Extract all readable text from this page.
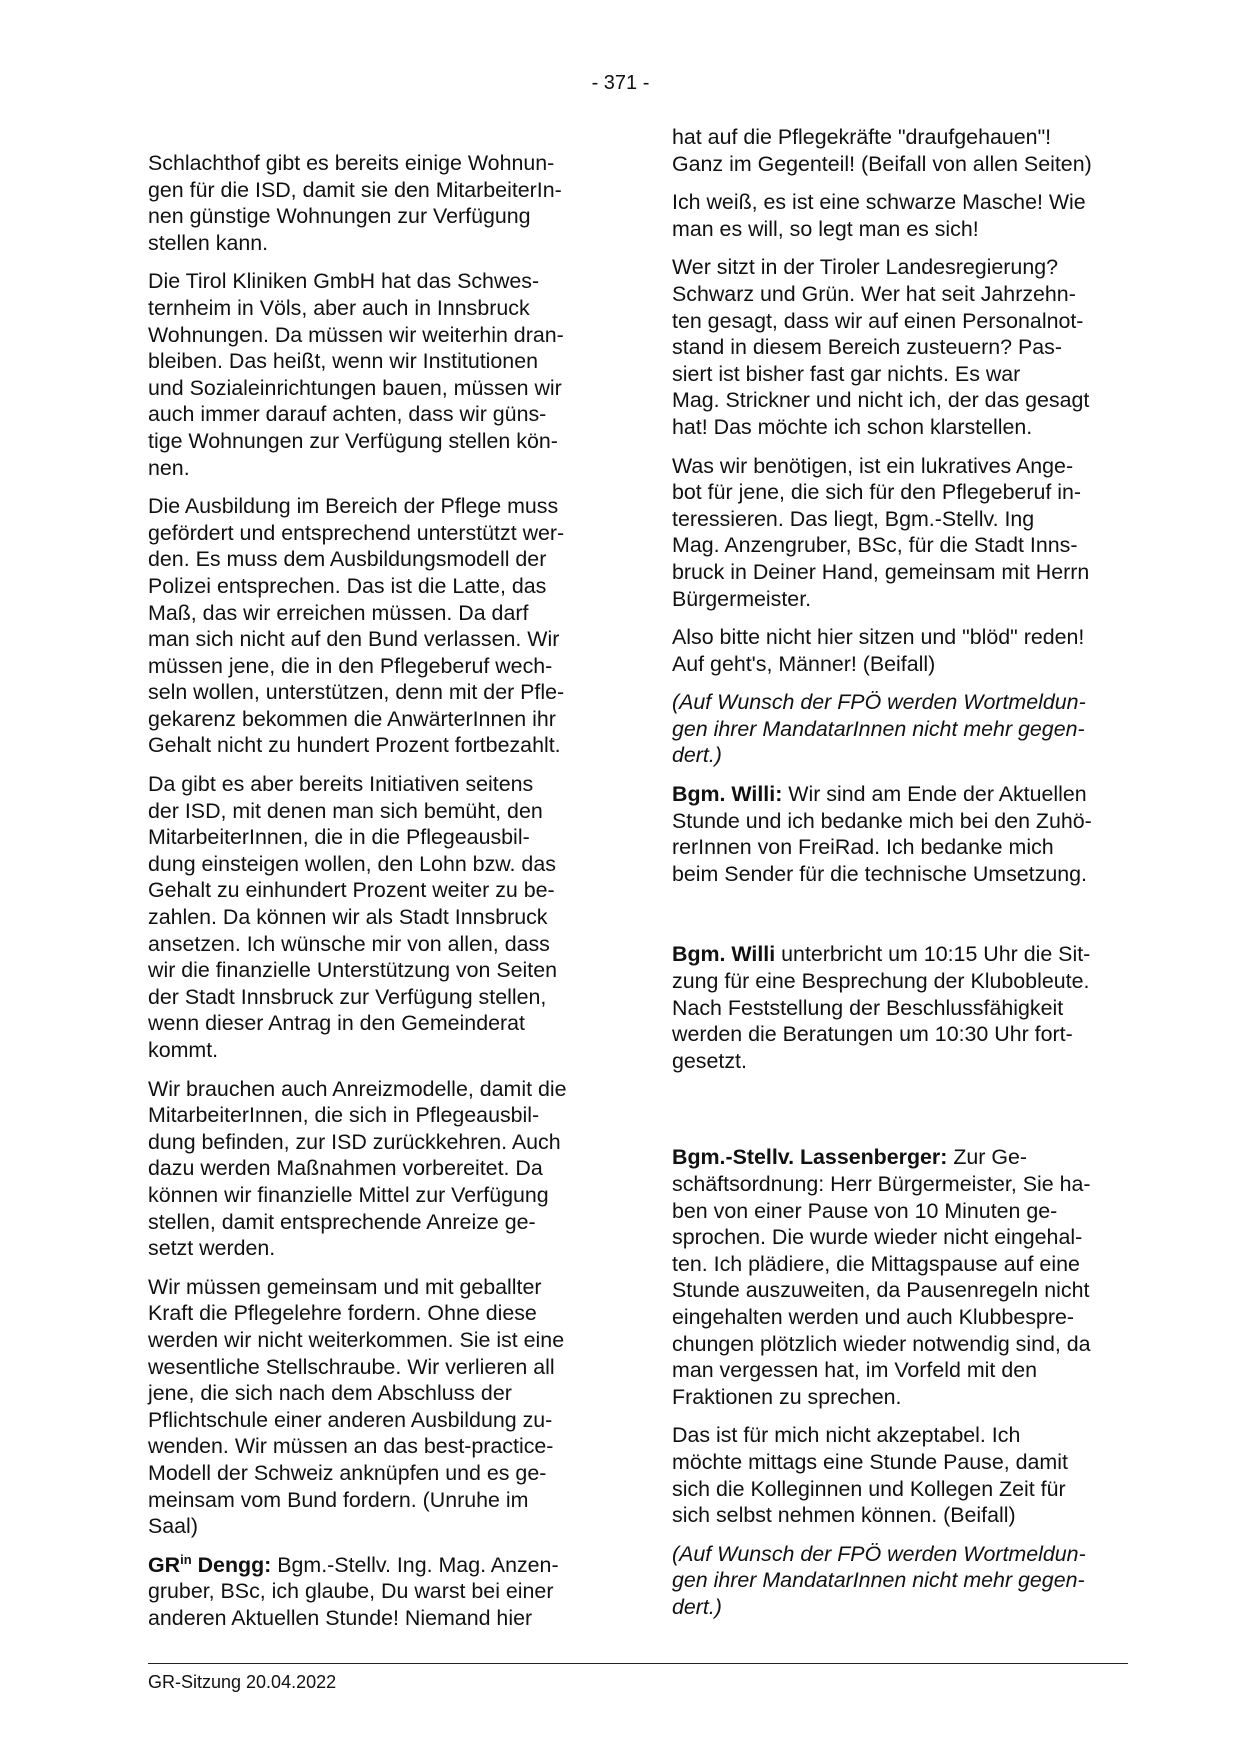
- 371 -

Schlachthof gibt es bereits einige Wohnun-
gen für die ISD, damit sie den MitarbeiterIn-
nen günstige Wohnungen zur Verfügung
stellen kann.

Die Tirol Kliniken GmbH hat das Schwes-
ternheim in Völs, aber auch in Innsbruck
Wohnungen. Da müssen wir weiterhin dran-
bleiben. Das heißt, wenn wir Institutionen
und Sozialeinrichtungen bauen, müssen wir
auch immer darauf achten, dass wir güns-
tige Wohnungen zur Verfügung stellen kön-
nen.

Die Ausbildung im Bereich der Pflege muss
gefördert und entsprechend unterstützt wer-
den. Es muss dem Ausbildungsmodell der
Polizei entsprechen. Das ist die Latte, das
Maß, das wir erreichen müssen. Da darf
man sich nicht auf den Bund verlassen. Wir
müssen jene, die in den Pflegeberuf wech-
seln wollen, unterstützen, denn mit der Pfle-
gekarenz bekommen die AnwärterInnen ihr
Gehalt nicht zu hundert Prozent fortbezahlt.

Da gibt es aber bereits Initiativen seitens
der ISD, mit denen man sich bemüht, den
MitarbeiterInnen, die in die Pflegeausbil-
dung einsteigen wollen, den Lohn bzw. das
Gehalt zu einhundert Prozent weiter zu be-
zahlen. Da können wir als Stadt Innsbruck
ansetzen. Ich wünsche mir von allen, dass
wir die finanzielle Unterstützung von Seiten
der Stadt Innsbruck zur Verfügung stellen,
wenn dieser Antrag in den Gemeinderat
kommt.

Wir brauchen auch Anreizmodelle, damit die
MitarbeiterInnen, die sich in Pflegeausbil-
dung befinden, zur ISD zurückkehren. Auch
dazu werden Maßnahmen vorbereitet. Da
können wir finanzielle Mittel zur Verfügung
stellen, damit entsprechende Anreize ge-
setzt werden.

Wir müssen gemeinsam und mit geballter
Kraft die Pflegelehre fordern. Ohne diese
werden wir nicht weiterkommen. Sie ist eine
wesentliche Stellschraube. Wir verlieren all
jene, die sich nach dem Abschluss der
Pflichtschule einer anderen Ausbildung zu-
wenden. Wir müssen an das best-practice-
Modell der Schweiz anknüpfen und es ge-
meinsam vom Bund fordern. (Unruhe im
Saal)

$GR^{in}$ Dengg: Bgm.-Stellv. Ing. Mag. Anzen-
gruber, BSc, ich glaube, Du warst bei einer
anderen Aktuellen Stunde! Niemand hier

hat auf die Pflegekräfte "draufgehauen"!
Ganz im Gegenteil! (Beifall von allen Seiten)

Ich weiß, es ist eine schwarze Masche! Wie
man es will, so legt man es sich!

Wer sitzt in der Tiroler Landesregierung?
Schwarz und Grün. Wer hat seit Jahrzehn-
ten gesagt, dass wir auf einen Personalnot-
stand in diesem Bereich zusteuern? Pas-
siert ist bisher fast gar nichts. Es war
Mag. Strickner und nicht ich, der das gesagt
hat! Das möchte ich schon klarstellen.

Was wir benötigen, ist ein lukratives Ange-
bot für jene, die sich für den Pflegeberuf in-
teressieren. Das liegt, Bgm.-Stellv. Ing
Mag. Anzengruber, BSc, für die Stadt Inns-
bruck in Deiner Hand, gemeinsam mit Herrn
Bürgermeister.

Also bitte nicht hier sitzen und "blöd" reden!
Auf geht's, Männer! (Beifall)

(Auf Wunsch der FPÖ werden Wortmeldun-
gen ihrer MandatarInnen nicht mehr gegen-
dert.)

Bgm. Willi: Wir sind am Ende der Aktuellen
Stunde und ich bedanke mich bei den Zuhö-
rerInnen von FreiRad. Ich bedanke mich
beim Sender für die technische Umsetzung.

Bgm. Willi unterbricht um 10:15 Uhr die Sit-
zung für eine Besprechung der Klubobleute.
Nach Feststellung der Beschlussfähigkeit
werden die Beratungen um 10:30 Uhr fort-
gesetzt.

Bgm.-Stellv. Lassenberger: Zur Ge-
schäftsordnung: Herr Bürgermeister, Sie ha-
ben von einer Pause von 10 Minuten ge-
sprochen. Die wurde wieder nicht eingehal-
ten. Ich plädiere, die Mittagspause auf eine
Stunde auszuweiten, da Pausenregeln nicht
eingehalten werden und auch Klubbespre-
chungen plötzlich wieder notwendig sind, da
man vergessen hat, im Vorfeld mit den
Fraktionen zu sprechen.

Das ist für mich nicht akzeptabel. Ich
möchte mittags eine Stunde Pause, damit
sich die Kolleginnen und Kollegen Zeit für
sich selbst nehmen können. (Beifall)

(Auf Wunsch der FPÖ werden Wortmeldun-
gen ihrer MandatarInnen nicht mehr gegen-
dert.)

GR-Sitzung 20.04.2022
